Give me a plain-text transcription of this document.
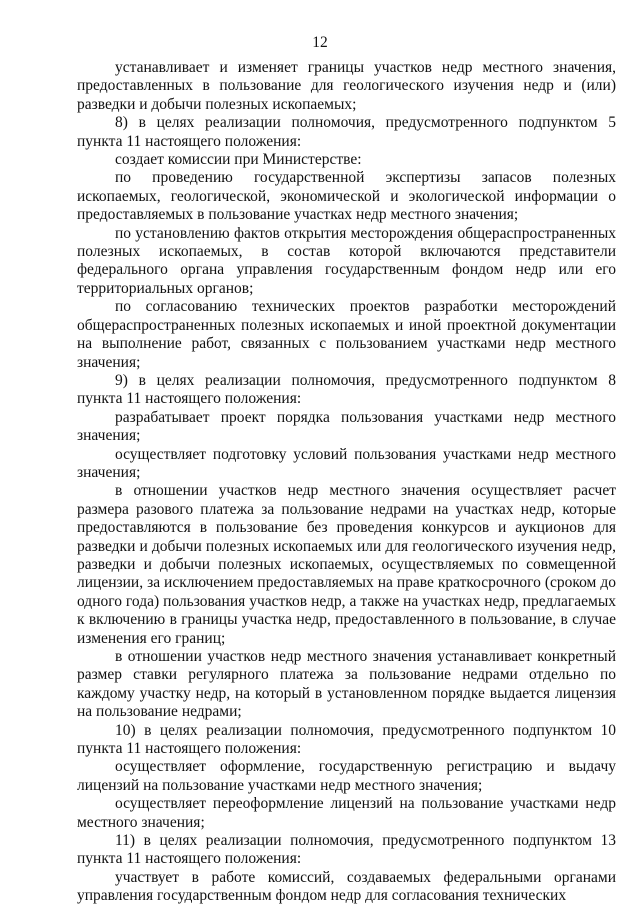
12

устанавливает и изменяет границы участков недр местного значения, предоставленных в пользование для геологического изучения недр и (или) разведки и добычи полезных ископаемых;

8) в целях реализации полномочия, предусмотренного подпунктом 5 пункта 11 настоящего положения:

создает комиссии при Министерстве:

по проведению государственной экспертизы запасов полезных ископаемых, геологической, экономической и экологической информации о предоставляемых в пользование участках недр местного значения;

по установлению фактов открытия месторождения общераспространенных полезных ископаемых, в состав которой включаются представители федерального органа управления государственным фондом недр или его территориальных органов;

по согласованию технических проектов разработки месторождений общераспространенных полезных ископаемых и иной проектной документации на выполнение работ, связанных с пользованием участками недр местного значения;

9) в целях реализации полномочия, предусмотренного подпунктом 8 пункта 11 настоящего положения:

разрабатывает проект порядка пользования участками недр местного значения;

осуществляет подготовку условий пользования участками недр местного значения;

в отношении участков недр местного значения осуществляет расчет размера разового платежа за пользование недрами на участках недр, которые предоставляются в пользование без проведения конкурсов и аукционов для разведки и добычи полезных ископаемых или для геологического изучения недр, разведки и добычи полезных ископаемых, осуществляемых по совмещенной лицензии, за исключением предоставляемых на праве краткосрочного (сроком до одного года) пользования участков недр, а также на участках недр, предлагаемых к включению в границы участка недр, предоставленного в пользование, в случае изменения его границ;

в отношении участков недр местного значения устанавливает конкретный размер ставки регулярного платежа за пользование недрами отдельно по каждому участку недр, на который в установленном порядке выдается лицензия на пользование недрами;

10) в целях реализации полномочия, предусмотренного подпунктом 10 пункта 11 настоящего положения:

осуществляет оформление, государственную регистрацию и выдачу лицензий на пользование участками недр местного значения;

осуществляет переоформление лицензий на пользование участками недр местного значения;

11) в целях реализации полномочия, предусмотренного подпунктом 13 пункта 11 настоящего положения:

участвует в работе комиссий, создаваемых федеральными органами управления государственным фондом недр для согласования технических
